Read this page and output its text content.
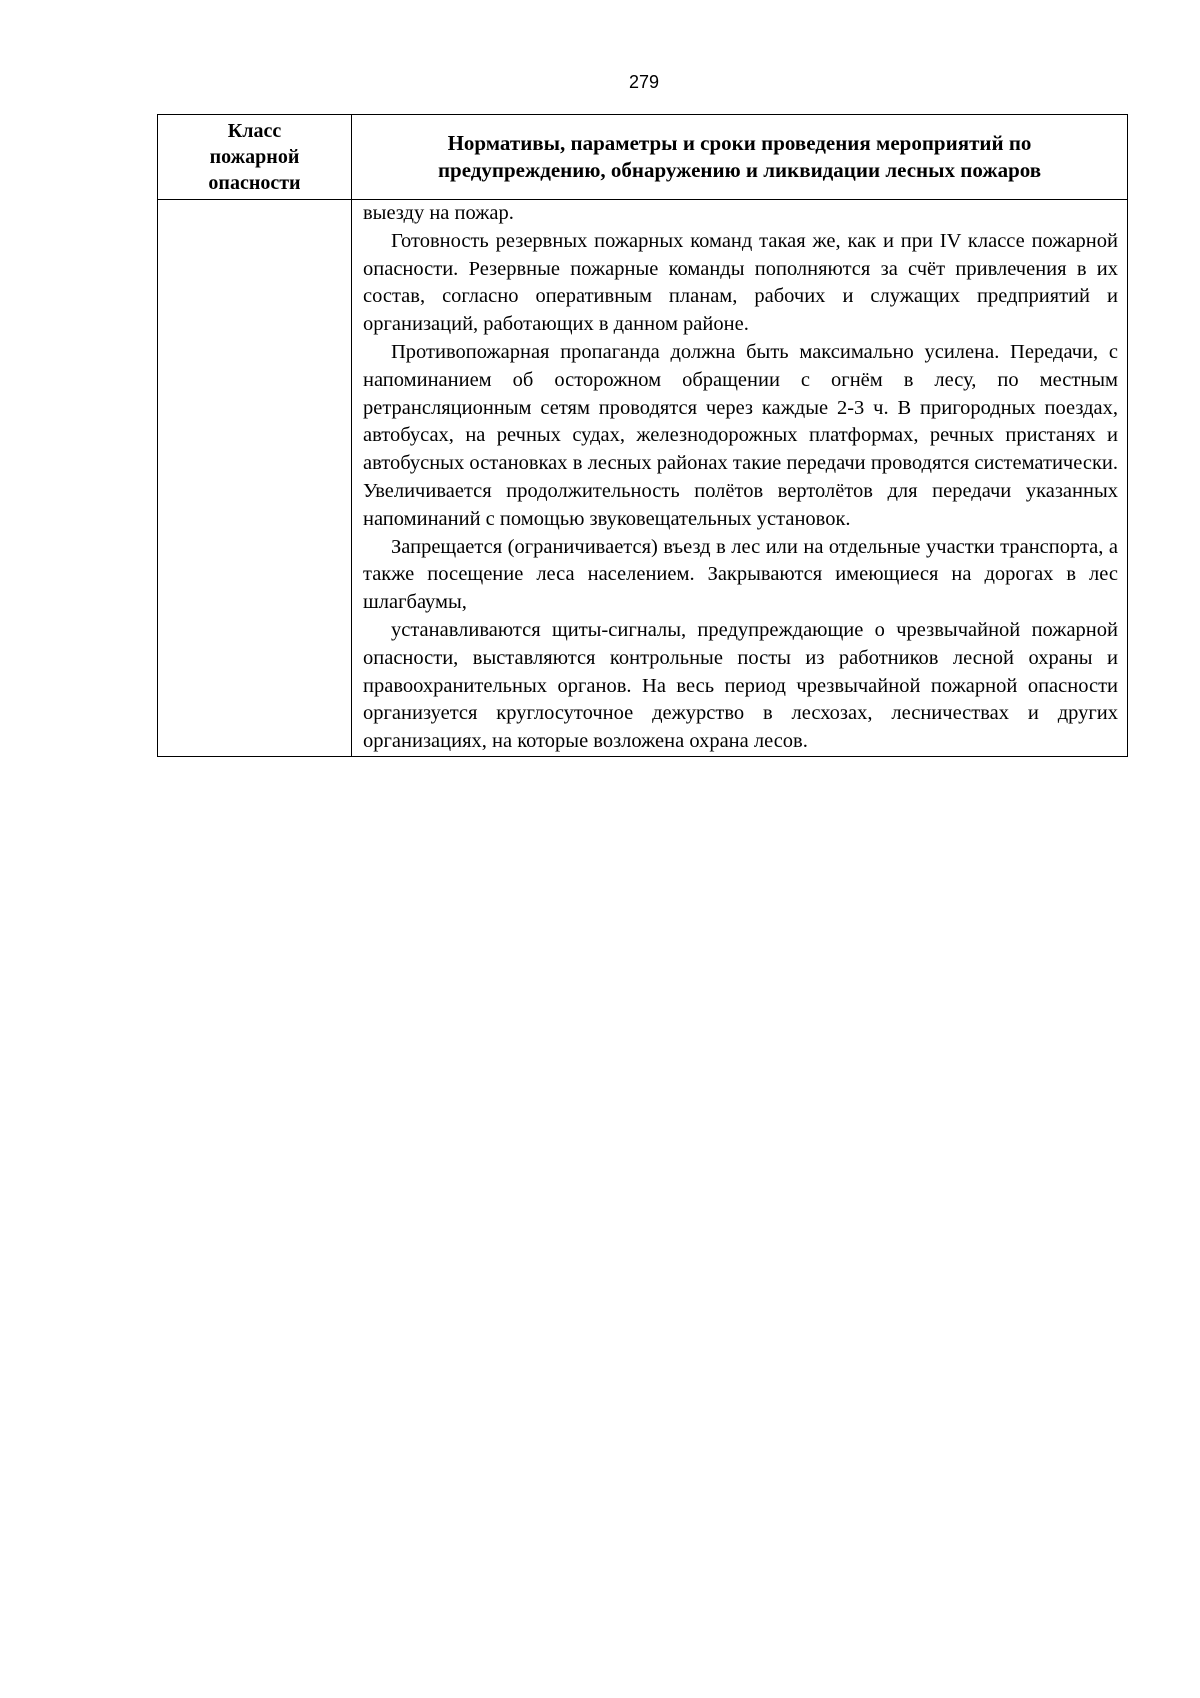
279
Класс
пожарной
опасности	Нормативы, параметры и сроки проведения мероприятий по
предупреждению, обнаружению и ликвидации лесных пожаров

	выезду на пожар.

Готовность резервных пожарных команд такая же, как и при IV классе пожарной опасности. Резервные пожарные команды пополняются за счёт привлечения в их состав, согласно оперативным планам, рабочих и служащих предприятий и организаций, работающих в данном районе.

Противопожарная пропаганда должна быть максимально усилена. Передачи, с напоминанием об осторожном обращении с огнём в лесу, по местным ретрансляционным сетям проводятся через каждые 2-3 ч. В пригородных поездах, автобусах, на речных судах, железнодорожных платформах, речных пристанях и автобусных остановках в лесных районах такие передачи проводятся систематически. Увеличивается продолжительность полётов вертолётов для передачи указанных напоминаний с помощью звуковещательных установок.

Запрещается (ограничивается) въезд в лес или на отдельные участки транспорта, а также посещение леса населением. Закрываются имеющиеся на дорогах в лес шлагбаумы,

устанавливаются щиты-сигналы, предупреждающие о чрезвычайной пожарной опасности, выставляются контрольные посты из работников лесной охраны и правоохранительных органов. На весь период чрезвычайной пожарной опасности организуется круглосуточное дежурство в лесхозах, лесничествах и других организациях, на которые возложена охрана лесов.
